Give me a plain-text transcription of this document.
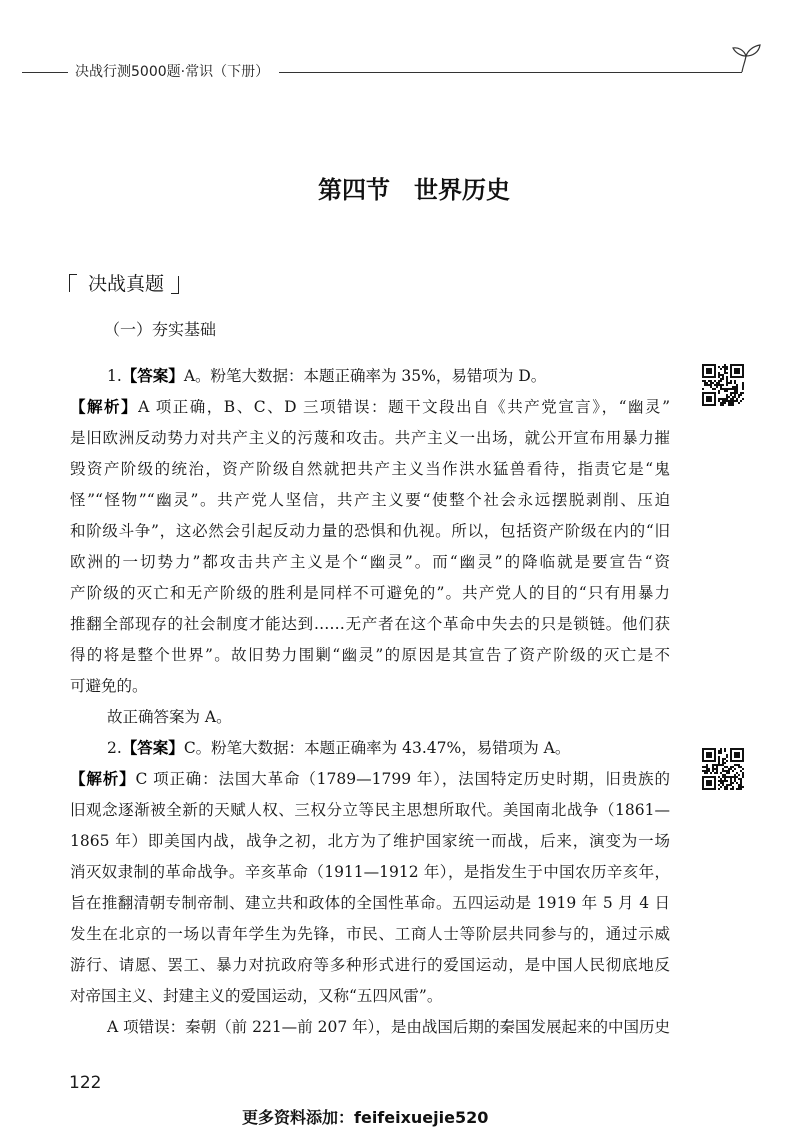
决战行测5000题·常识（下册）
第四节　世界历史
决战真题
（一）夯实基础
1.【答案】A。粉笔大数据：本题正确率为 35%，易错项为 D。
【解析】A 项正确，B、C、D 三项错误：题干文段出自《共产党宣言》，“幽灵”
是旧欧洲反动势力对共产主义的污蔑和攻击。共产主义一出场，就公开宣布用暴力摧
毁资产阶级的统治，资产阶级自然就把共产主义当作洪水猛兽看待，指责它是“鬼
怪”“怪物”“幽灵”。共产党人坚信，共产主义要“使整个社会永远摆脱剥削、压迫
和阶级斗争”，这必然会引起反动力量的恐惧和仇视。所以，包括资产阶级在内的“旧
欧洲的一切势力”都攻击共产主义是个“幽灵”。而“幽灵”的降临就是要宣告“资
产阶级的灭亡和无产阶级的胜利是同样不可避免的”。共产党人的目的“只有用暴力
推翻全部现存的社会制度才能达到……无产者在这个革命中失去的只是锁链。他们获
得的将是整个世界”。故旧势力围剿“幽灵”的原因是其宣告了资产阶级的灭亡是不
可避免的。
故正确答案为 A。
2.【答案】C。粉笔大数据：本题正确率为 43.47%，易错项为 A。
【解析】C 项正确：法国大革命（1789—1799 年），法国特定历史时期，旧贵族的
旧观念逐渐被全新的天赋人权、三权分立等民主思想所取代。美国南北战争（1861—
1865 年）即美国内战，战争之初，北方为了维护国家统一而战，后来，演变为一场
消灭奴隶制的革命战争。辛亥革命（1911—1912 年），是指发生于中国农历辛亥年，
旨在推翻清朝专制帝制、建立共和政体的全国性革命。五四运动是 1919 年 5 月 4 日
发生在北京的一场以青年学生为先锋，市民、工商人士等阶层共同参与的，通过示威
游行、请愿、罢工、暴力对抗政府等多种形式进行的爱国运动，是中国人民彻底地反
对帝国主义、封建主义的爱国运动，又称“五四风雷”。
A 项错误：秦朝（前 221—前 207 年），是由战国后期的秦国发展起来的中国历史
122
更多资料添加：feifeixuejie520
